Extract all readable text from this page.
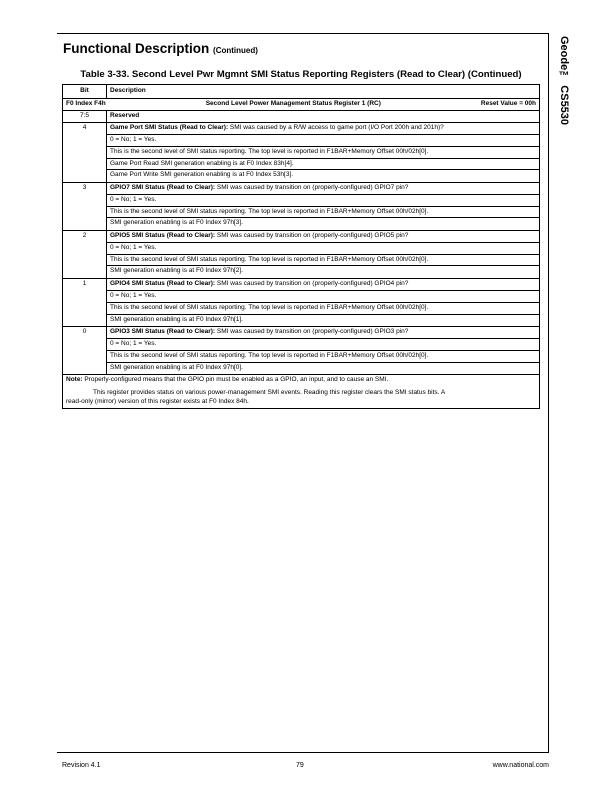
Geode™ CS5530
Functional Description (Continued)
Table 3-33. Second Level Pwr Mgmnt SMI Status Reporting Registers (Read to Clear) (Continued)
Bit	Description

F0 Index F4h Second Level Power Management Status Register 1 (RC) Reset Value = 00h	

7:5	Reserved

4	Game Port SMI Status (Read to Clear): SMI was caused by a R/W access to game port (I/O Port 200h and 201h)?
0 = No; 1 = Yes.
This is the second level of SMI status reporting. The top level is reported in F1BAR+Memory Offset 00h/02h[0].
Game Port Read SMI generation enabling is at F0 Index 83h[4].
Game Port Write SMI generation enabling is at F0 Index 53h[3].

3	GPIO7 SMI Status (Read to Clear): SMI was caused by transition on (properly-configured) GPIO7 pin?
0 = No; 1 = Yes.
This is the second level of SMI status reporting. The top level is reported in F1BAR+Memory Offset 00h/02h[0].
SMI generation enabling is at F0 Index 97h[3].

2	GPIO5 SMI Status (Read to Clear): SMI was caused by transition on (properly-configured) GPIO5 pin?
0 = No; 1 = Yes.
This is the second level of SMI status reporting. The top level is reported in F1BAR+Memory Offset 00h/02h[0].
SMI generation enabling is at F0 Index 97h[2].

1	GPIO4 SMI Status (Read to Clear): SMI was caused by transition on (properly-configured) GPIO4 pin?
0 = No; 1 = Yes.
This is the second level of SMI status reporting. The top level is reported in F1BAR+Memory Offset 00h/02h[0].
SMI generation enabling is at F0 Index 97h[1].

0	GPIO3 SMI Status (Read to Clear): SMI was caused by transition on (properly-configured) GPIO3 pin?
0 = No; 1 = Yes.
This is the second level of SMI status reporting. The top level is reported in F1BAR+Memory Offset 00h/02h[0].
SMI generation enabling is at F0 Index 97h[0].

Note: Properly-configured means that the GPIO pin must be enabled as a GPIO, an input, and to cause an SMI.
This register provides status on various power-management SMI events. Reading this register clears the SMI status bits. A
read-only (mirror) version of this register exists at F0 Index 84h.	
Revision 4.1	79	www.national.com
